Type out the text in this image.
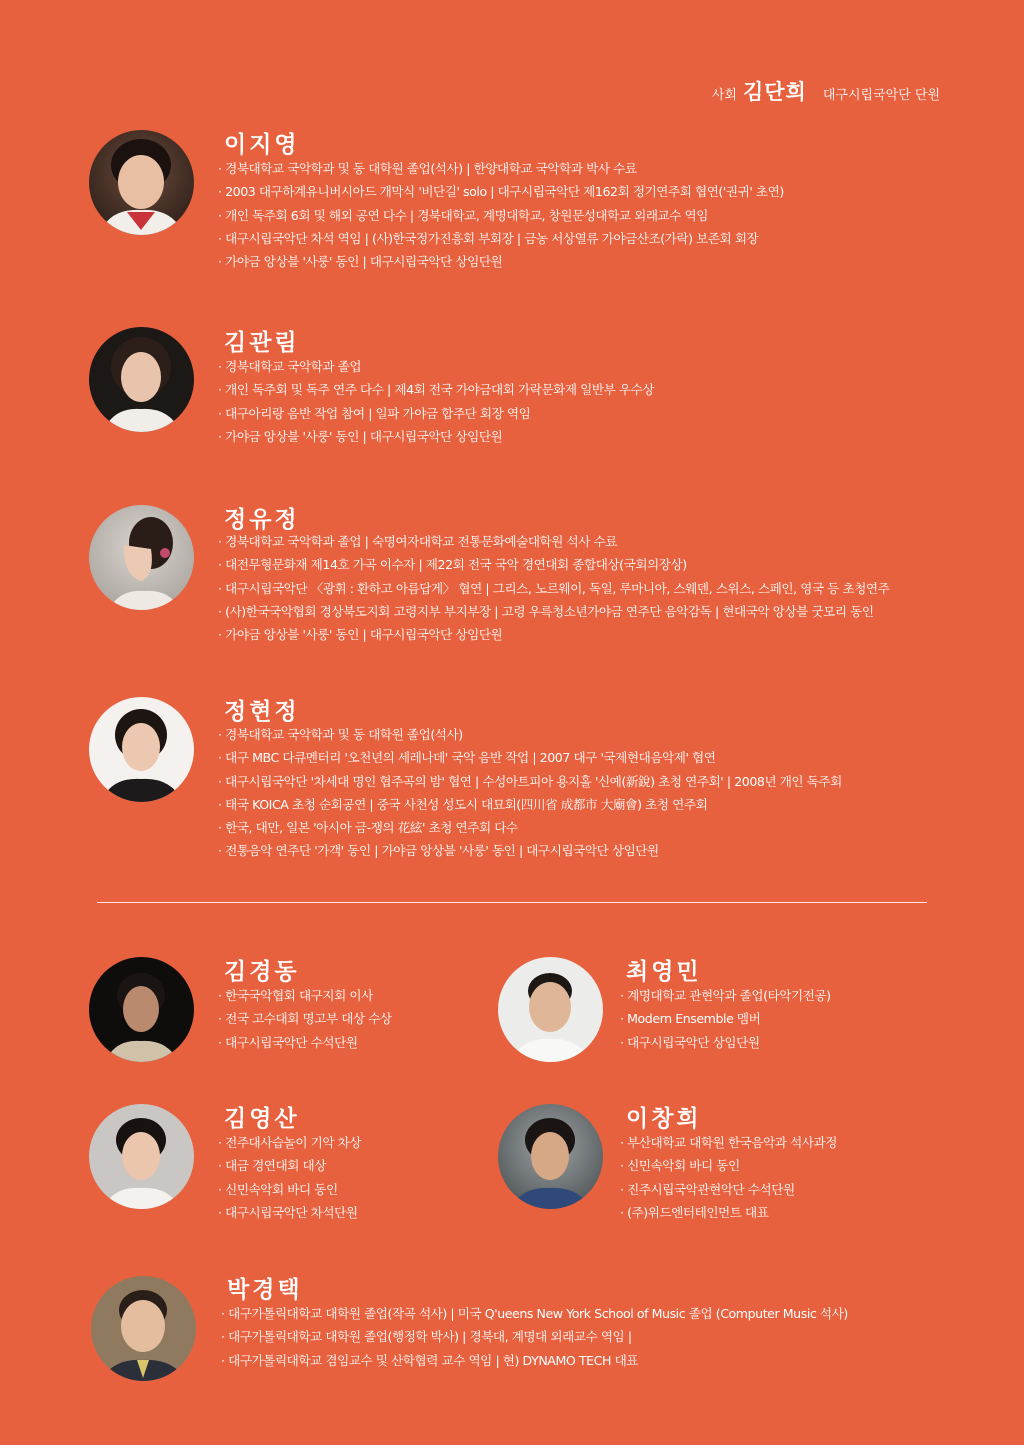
사회 김단희 대구시립국악단 단원
이지영
· 경북대학교 국악학과 및 동 대학원 졸업(석사) | 한양대학교 국악학과 박사 수료
· 2003 대구하계유니버시아드 개막식 '비단길' solo | 대구시립국악단 제162회 정기연주회 협연('권귀' 초연)
· 개인 독주회 6회 및 해외 공연 다수 | 경북대학교, 계명대학교, 창원문성대학교 외래교수 역임
· 대구시립국악단 차석 역임 | (사)한국정가진흥회 부회장 | 금농 서상열류 가야금산조(가락) 보존회 회장
· 가야금 앙상블 '사룽' 동인 | 대구시립국악단 상임단원
김관림
· 경북대학교 국악학과 졸업
· 개인 독주회 및 독주 연주 다수 | 제4회 전국 가야금대회 가락문화제 일반부 우수상
· 대구아리랑 음반 작업 참여 | 일파 가야금 합주단 회장 역임
· 가야금 앙상블 '사룽' 동인 | 대구시립국악단 상임단원
정유정
· 경북대학교 국악학과 졸업 | 숙명여자대학교 전통문화예술대학원 석사 수료
· 대전무형문화재 제14호 가곡 이수자 | 제22회 전국 국악 경연대회 종합대상(국회의장상)
· 대구시립국악단 〈광휘 : 환하고 아름답게〉 협연 | 그리스, 노르웨이, 독일, 루마니아, 스웨덴, 스위스, 스페인, 영국 등 초청연주
· (사)한국국악협회 경상북도지회 고령지부 부지부장 | 고령 우륵청소년가야금 연주단 음악감독 | 현대국악 앙상블 굿모리 동인
· 가야금 앙상블 '사룽' 동인 | 대구시립국악단 상임단원
정현정
· 경북대학교 국악학과 및 동 대학원 졸업(석사)
· 대구 MBC 다큐멘터리 '오천년의 세레나데' 국악 음반 작업 | 2007 대구 '국제현대음악제' 협연
· 대구시립국악단 '차세대 명인 협주곡의 밤' 협연 | 수성아트피아 용지홀 '신예(新銳) 초청 연주회' | 2008년 개인 독주회
· 태국 KOICA 초청 순회공연 | 중국 사천성 성도시 대묘회(四川省 成都市 大廟會) 초청 연주회
· 한국, 대만, 일본 '아시아 금-쟁의 花絃' 초청 연주회 다수
· 전통음악 연주단 '가객' 동인 | 가야금 앙상블 '사룽' 동인 | 대구시립국악단 상임단원
김경동
· 한국국악협회 대구지회 이사
· 전국 고수대회 명고부 대상 수상
· 대구시립국악단 수석단원
최영민
· 계명대학교 관현악과 졸업(타악기전공)
· Modern Ensemble 멤버
· 대구시립국악단 상임단원
김영산
· 전주대사습놀이 기악 차상
· 대금 경연대회 대상
· 신민속악회 바디 동인
· 대구시립국악단 차석단원
이창희
· 부산대학교 대학원 한국음악과 석사과정
· 신민속악회 바디 동인
· 진주시립국악관현악단 수석단원
· (주)위드엔터테인먼트 대표
박경택
· 대구가톨릭대학교 대학원 졸업(작곡 석사) | 미국 Q'ueens New York School of Music 졸업 (Computer Music 석사)
· 대구가톨릭대학교 대학원 졸업(행정학 박사) | 경북대, 계명대 외래교수 역임 |
· 대구가톨릭대학교 겸임교수 및 산학협력 교수 역임 | 현) DYNAMO TECH 대표
